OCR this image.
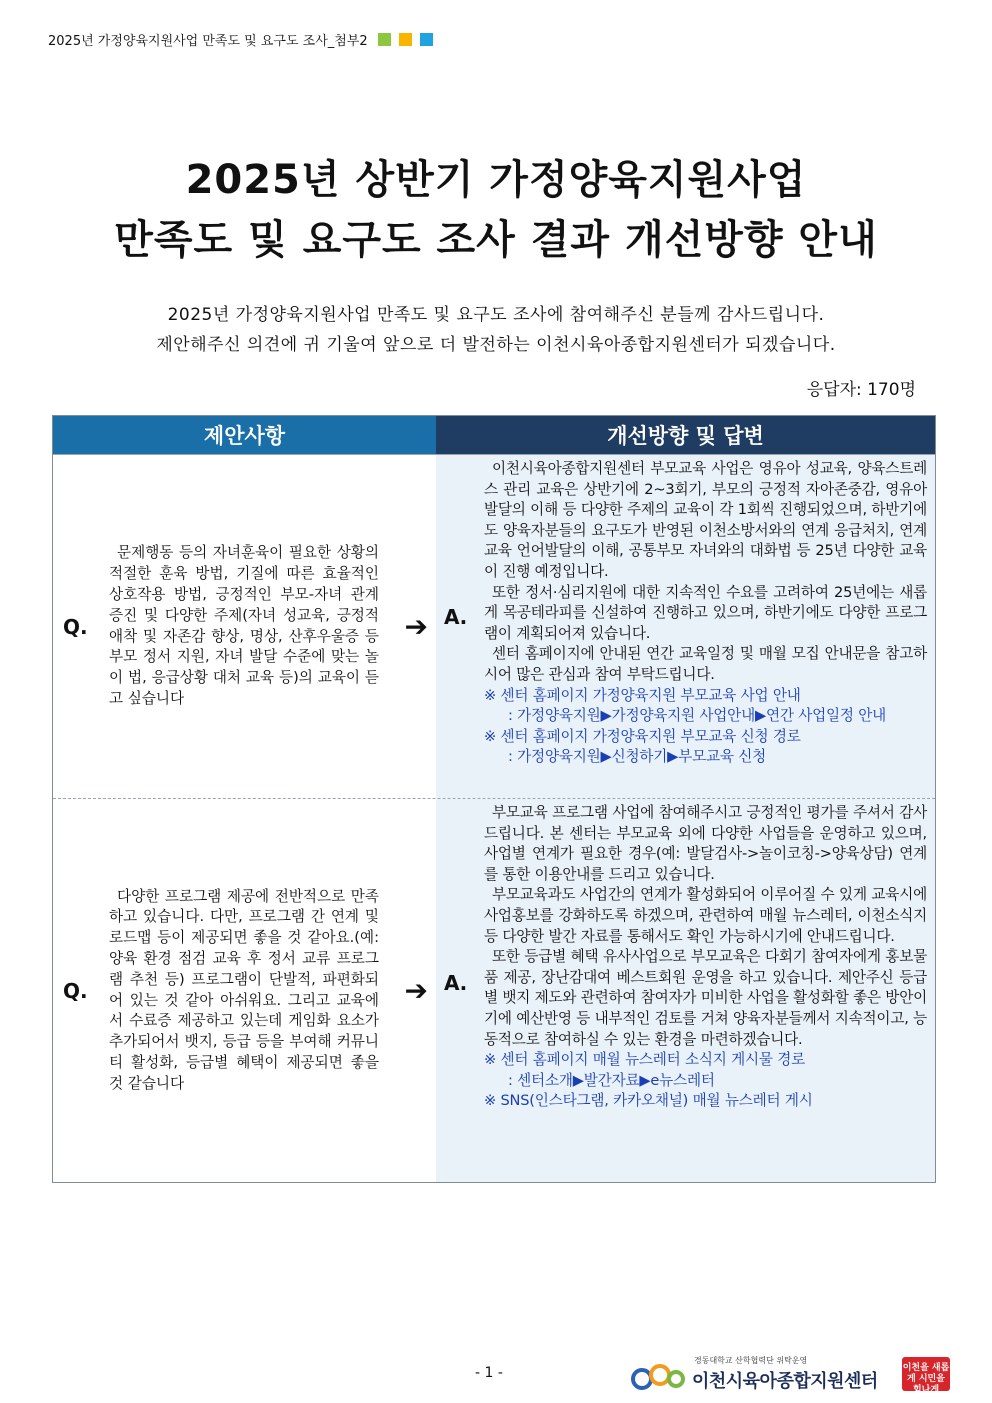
2025년 가정양육지원사업 만족도 및 요구도 조사_첨부2
2025년 상반기 가정양육지원사업
만족도 및 요구도 조사 결과 개선방향 안내
2025년 가정양육지원사업 만족도 및 요구도 조사에 참여해주신 분들께 감사드립니다.
제안해주신 의견에 귀 기울여 앞으로 더 발전하는 이천시육아종합지원센터가 되겠습니다.
응답자: 170명
제안사항	개선방향 및 답변
Q.
문제행동 등의 자녀훈육이 필요한 상황의 적절한 훈육 방법, 기질에 따른 효율적인 상호작용 방법, 긍정적인 부모-자녀 관계 증진 및 다양한 주제(자녀 성교육, 긍정적 애착 및 자존감 향상, 명상, 산후우울증 등 부모 정서 지원, 자녀 발달 수준에 맞는 놀이 법, 응급상황 대처 교육 등)의 교육이 듣고 싶습니다
➔ A.

이천시육아종합지원센터 부모교육 사업은 영유아 성교육, 양육스트레스 관리 교육은 상반기에 2~3회기, 부모의 긍정적 자아존중감, 영유아 발달의 이해 등 다양한 주제의 교육이 각 1회씩 진행되었으며, 하반기에도 양육자분들의 요구도가 반영된 이천소방서와의 연계 응급처치, 연계교육 언어발달의 이해, 공통부모 자녀와의 대화법 등 25년 다양한 교육이 진행 예정입니다.

또한 정서·심리지원에 대한 지속적인 수요를 고려하여 25년에는 새롭게 목공테라피를 신설하여 진행하고 있으며, 하반기에도 다양한 프로그램이 계획되어져 있습니다.

센터 홈페이지에 안내된 연간 교육일정 및 매월 모집 안내문을 참고하시어 많은 관심과 참여 부탁드립니다.

※ 센터 홈페이지 가정양육지원 부모교육 사업 안내

: 가정양육지원▶가정양육지원 사업안내▶연간 사업일정 안내

※ 센터 홈페이지 가정양육지원 부모교육 신청 경로

: 가정양육지원▶신청하기▶부모교육 신청

Q.
다양한 프로그램 제공에 전반적으로 만족하고 있습니다. 다만, 프로그램 간 연계 및 로드맵 등이 제공되면 좋을 것 같아요.(예: 양육 환경 점검 교육 후 정서 교류 프로그램 추천 등) 프로그램이 단발적, 파편화되어 있는 것 같아 아쉬워요. 그리고 교육에서 수료증 제공하고 있는데 게임화 요소가 추가되어서 뱃지, 등급 등을 부여해 커뮤니티 활성화, 등급별 혜택이 제공되면 좋을 것 같습니다
➔ A.

부모교육 프로그램 사업에 참여해주시고 긍정적인 평가를 주셔서 감사드립니다. 본 센터는 부모교육 외에 다양한 사업들을 운영하고 있으며, 사업별 연계가 필요한 경우(예: 발달검사->놀이코칭->양육상담) 연계를 통한 이용안내를 드리고 있습니다.

부모교육과도 사업간의 연계가 활성화되어 이루어질 수 있게 교육시에 사업홍보를 강화하도록 하겠으며, 관련하여 매월 뉴스레터, 이천소식지 등 다양한 발간 자료를 통해서도 확인 가능하시기에 안내드립니다.

또한 등급별 혜택 유사사업으로 부모교육은 다회기 참여자에게 홍보물품 제공, 장난감대여 베스트회원 운영을 하고 있습니다. 제안주신 등급별 뱃지 제도와 관련하여 참여자가 미비한 사업을 활성화할 좋은 방안이기에 예산반영 등 내부적인 검토를 거쳐 양육자분들께서 지속적이고, 능동적으로 참여하실 수 있는 환경을 마련하겠습니다.

※ 센터 홈페이지 매월 뉴스레터 소식지 게시물 경로

: 센터소개▶발간자료▶e뉴스레터

※ SNS(인스타그램, 카카오채널) 매월 뉴스레터 게시

- 1 -
경동대학교 산학협력단 위탁운영
이천시육아종합지원센터
이천을 새롭게 시민을 힘나게
